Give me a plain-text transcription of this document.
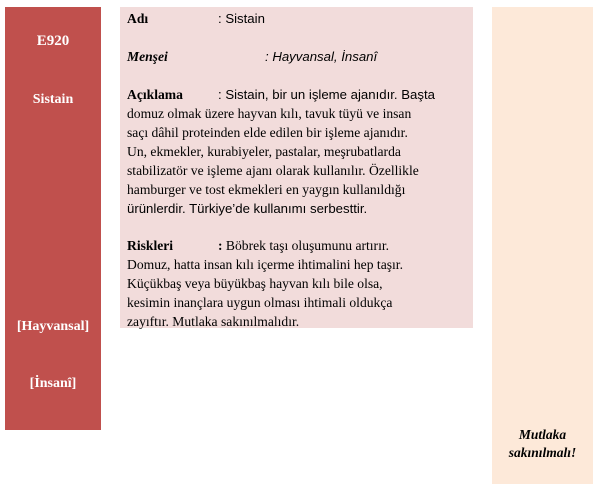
E920
Sistain
[Hayvansal]
[İnsanî]
Adı	: Sistain
Menşei	: Hayvansal, İnsanî
Açıklama	: Sistain, bir un işleme ajanıdır. Başta
domuz olmak üzere hayvan kılı, tavuk tüyü ve insan
saçı dâhil proteinden elde edilen bir işleme ajanıdır.
Un, ekmekler, kurabiyeler, pastalar, meşrubatlarda
stabilizatör ve işleme ajanı olarak kullanılır. Özellikle
hamburger ve tost ekmekleri en yaygın kullanıldığı
ürünlerdir. Türkiye’de kullanımı serbesttir.
Riskleri	: Böbrek taşı oluşumunu artırır.
Domuz, hatta insan kılı içerme ihtimalini hep taşır.
Küçükbaş veya büyükbaş hayvan kılı bile olsa,
kesimin inançlara uygun olması ihtimali oldukça
zayıftır. Mutlaka sakınılmalıdır.
Mutlaka
sakınılmalı!
